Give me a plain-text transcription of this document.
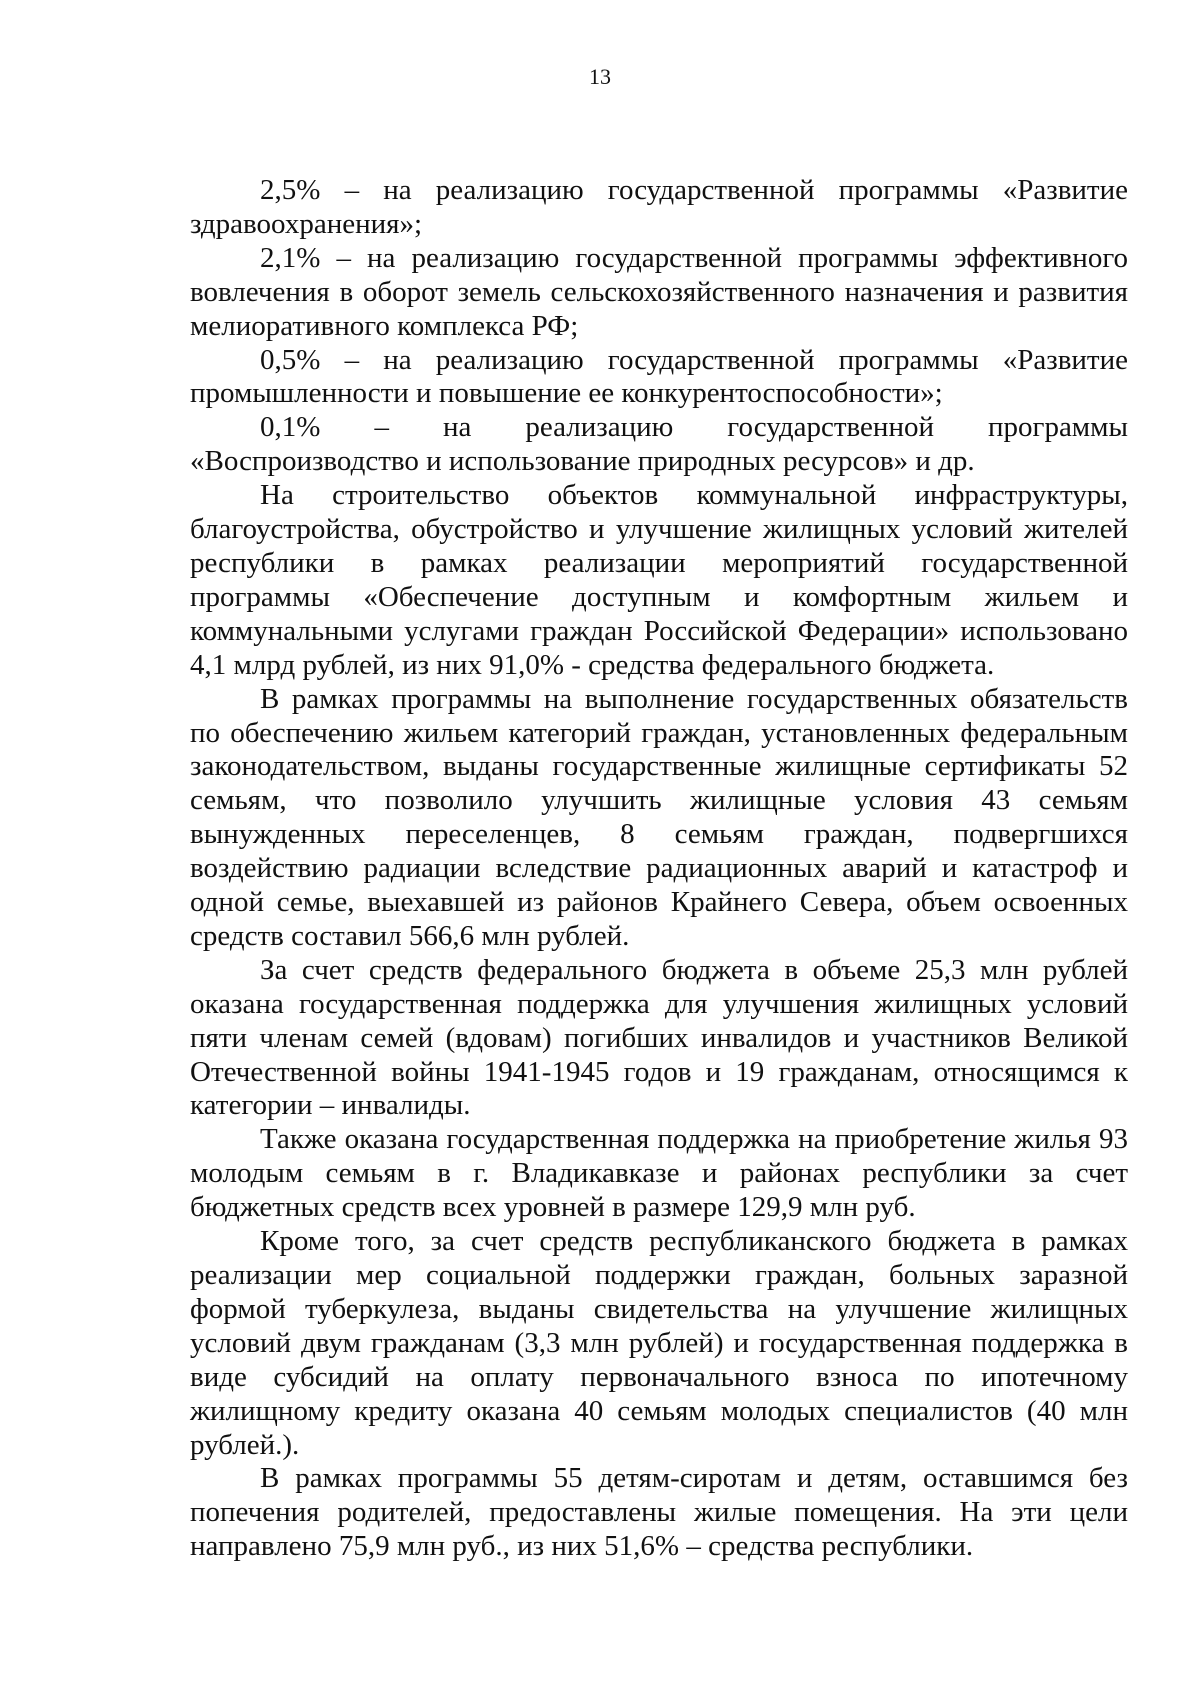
13

2,5% – на реализацию государственной программы «Развитие здравоохранения»;

2,1% – на реализацию государственной программы эффективного вовлечения в оборот земель сельскохозяйственного назначения и развития мелиоративного комплекса РФ;

0,5% – на реализацию государственной программы «Развитие промышленности и повышение ее конкурентоспособности»;

0,1% – на реализацию государственной программы «Воспроизводство и использование природных ресурсов» и др.

На строительство объектов коммунальной инфраструктуры, благоустройства, обустройство и улучшение жилищных условий жителей республики в рамках реализации мероприятий государственной программы «Обеспечение доступным и комфортным жильем и коммунальными услугами граждан Российской Федерации» использовано 4,1 млрд рублей, из них 91,0% - средства федерального бюджета.

В рамках программы на выполнение государственных обязательств по обеспечению жильем категорий граждан, установленных федеральным законодательством, выданы государственные жилищные сертификаты 52 семьям, что позволило улучшить жилищные условия 43 семьям вынужденных переселенцев, 8 семьям граждан, подвергшихся воздействию радиации вследствие радиационных аварий и катастроф и одной семье, выехавшей из районов Крайнего Севера, объем освоенных средств составил 566,6 млн рублей.

За счет средств федерального бюджета в объеме 25,3 млн рублей оказана государственная поддержка для улучшения жилищных условий пяти членам семей (вдовам) погибших инвалидов и участников Великой Отечественной войны 1941-1945 годов и 19 гражданам, относящимся к категории – инвалиды.

Также оказана государственная поддержка на приобретение жилья 93 молодым семьям в г. Владикавказе и районах республики за счет бюджетных средств всех уровней в размере 129,9 млн руб.

Кроме того, за счет средств республиканского бюджета в рамках реализации мер социальной поддержки граждан, больных заразной формой туберкулеза, выданы свидетельства на улучшение жилищных условий двум гражданам (3,3 млн рублей) и государственная поддержка в виде субсидий на оплату первоначального взноса по ипотечному жилищному кредиту оказана 40 семьям молодых специалистов (40 млн рублей.).

В рамках программы 55 детям-сиротам и детям, оставшимся без попечения родителей, предоставлены жилые помещения. На эти цели направлено 75,9 млн руб., из них 51,6% – средства республики.
